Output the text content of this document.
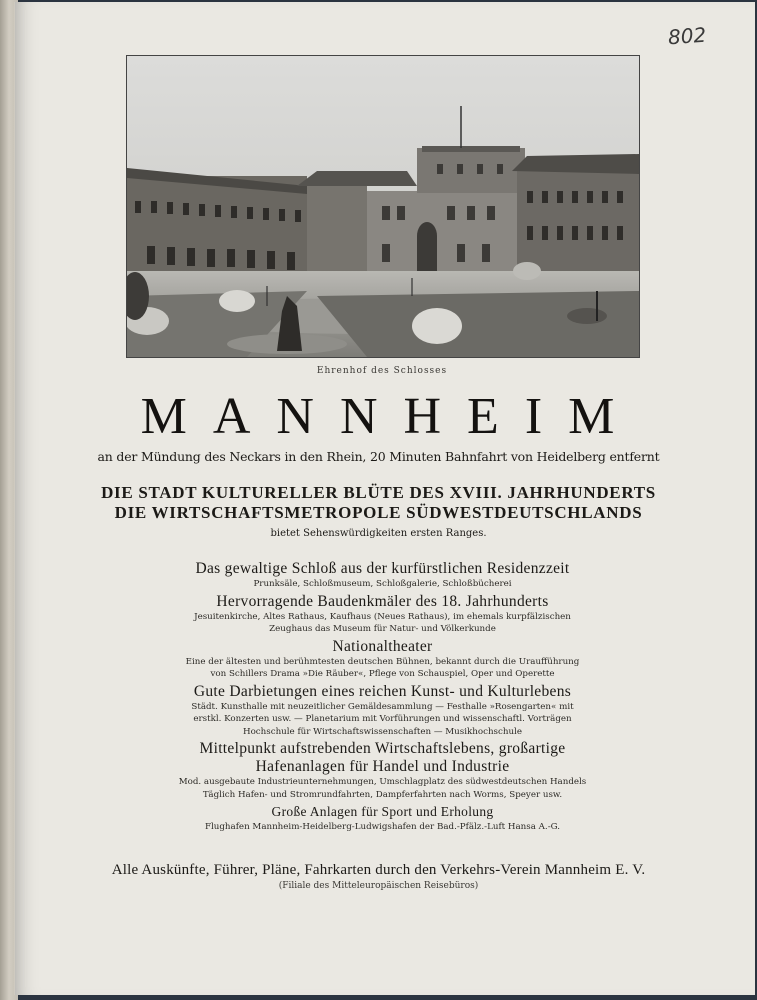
802
Ehrenhof des Schlosses
MANNHEIM
an der Mündung des Neckars in den Rhein, 20 Minuten Bahnfahrt von Heidelberg entfernt
DIE STADT KULTURELLER BLÜTE DES XVIII. JAHRHUNDERTS
DIE WIRTSCHAFTSMETROPOLE SÜDWESTDEUTSCHLANDS
bietet Sehenswürdigkeiten ersten Ranges.
Das gewaltige Schloß aus der kurfürstlichen Residenzzeit
Prunksäle, Schloßmuseum, Schloßgalerie, Schloßbücherei
Hervorragende Baudenkmäler des 18. Jahrhunderts
Jesuitenkirche, Altes Rathaus, Kaufhaus (Neues Rathaus), im ehemals kurpfälzischen
Zeughaus das Museum für Natur- und Völkerkunde
Nationaltheater
Eine der ältesten und berühmtesten deutschen Bühnen, bekannt durch die Uraufführung
von Schillers Drama »Die Räuber«, Pflege von Schauspiel, Oper und Operette
Gute Darbietungen eines reichen Kunst- und Kulturlebens
Städt. Kunsthalle mit neuzeitlicher Gemäldesammlung — Festhalle »Rosengarten« mit
erstkl. Konzerten usw. — Planetarium mit Vorführungen und wissenschaftl. Vorträgen
Hochschule für Wirtschaftswissenschaften — Musikhochschule
Mittelpunkt aufstrebenden Wirtschaftslebens, großartige Hafenanlagen für Handel und Industrie
Mod. ausgebaute Industrieunternehmungen, Umschlagplatz des südwestdeutschen Handels
Täglich Hafen- und Stromrundfahrten, Dampferfahrten nach Worms, Speyer usw.
Große Anlagen für Sport und Erholung
Flughafen Mannheim-Heidelberg-Ludwigshafen der Bad.-Pfälz.-Luft Hansa A.-G.
Alle Auskünfte, Führer, Pläne, Fahrkarten durch den Verkehrs-Verein Mannheim E. V.
(Filiale des Mitteleuropäischen Reisebüros)
